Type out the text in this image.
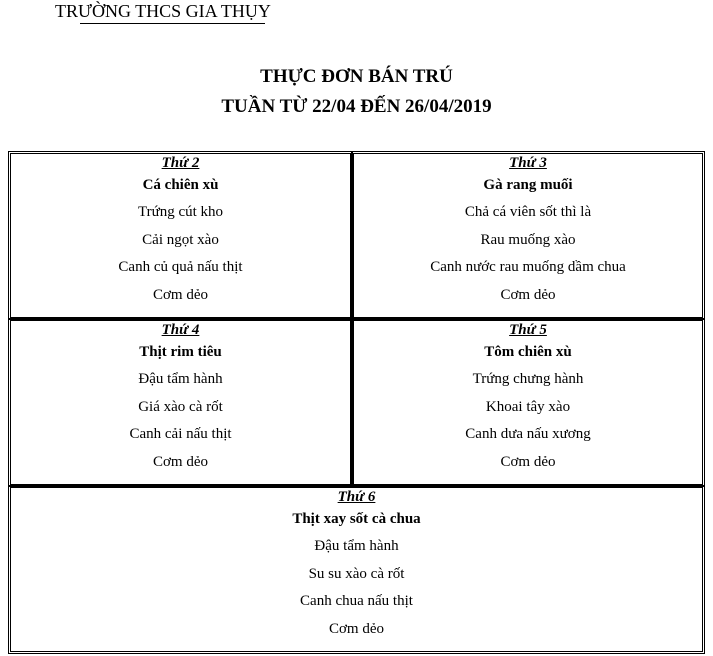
TRƯỜNG THCS GIA THỤY
THỰC ĐƠN BÁN TRÚ
TUẦN TỪ 22/04 ĐẾN 26/04/2019
Thứ 2
Cá chiên xù
Trứng cút kho
Cải ngọt xào
Canh củ quả nấu thịt
Cơm dẻo
Thứ 3
Gà rang muối
Chả cá viên sốt thì là
Rau muống xào
Canh nước rau muống dầm chua
Cơm dẻo
Thứ 4
Thịt rim tiêu
Đậu tẩm hành
Giá xào cà rốt
Canh cải nấu thịt
Cơm dẻo
Thứ 5
Tôm chiên xù
Trứng chưng hành
Khoai tây xào
Canh dưa nấu xương
Cơm dẻo
Thứ 6
Thịt xay sốt cà chua
Đậu tẩm hành
Su su xào cà rốt
Canh chua nấu thịt
Cơm dẻo
